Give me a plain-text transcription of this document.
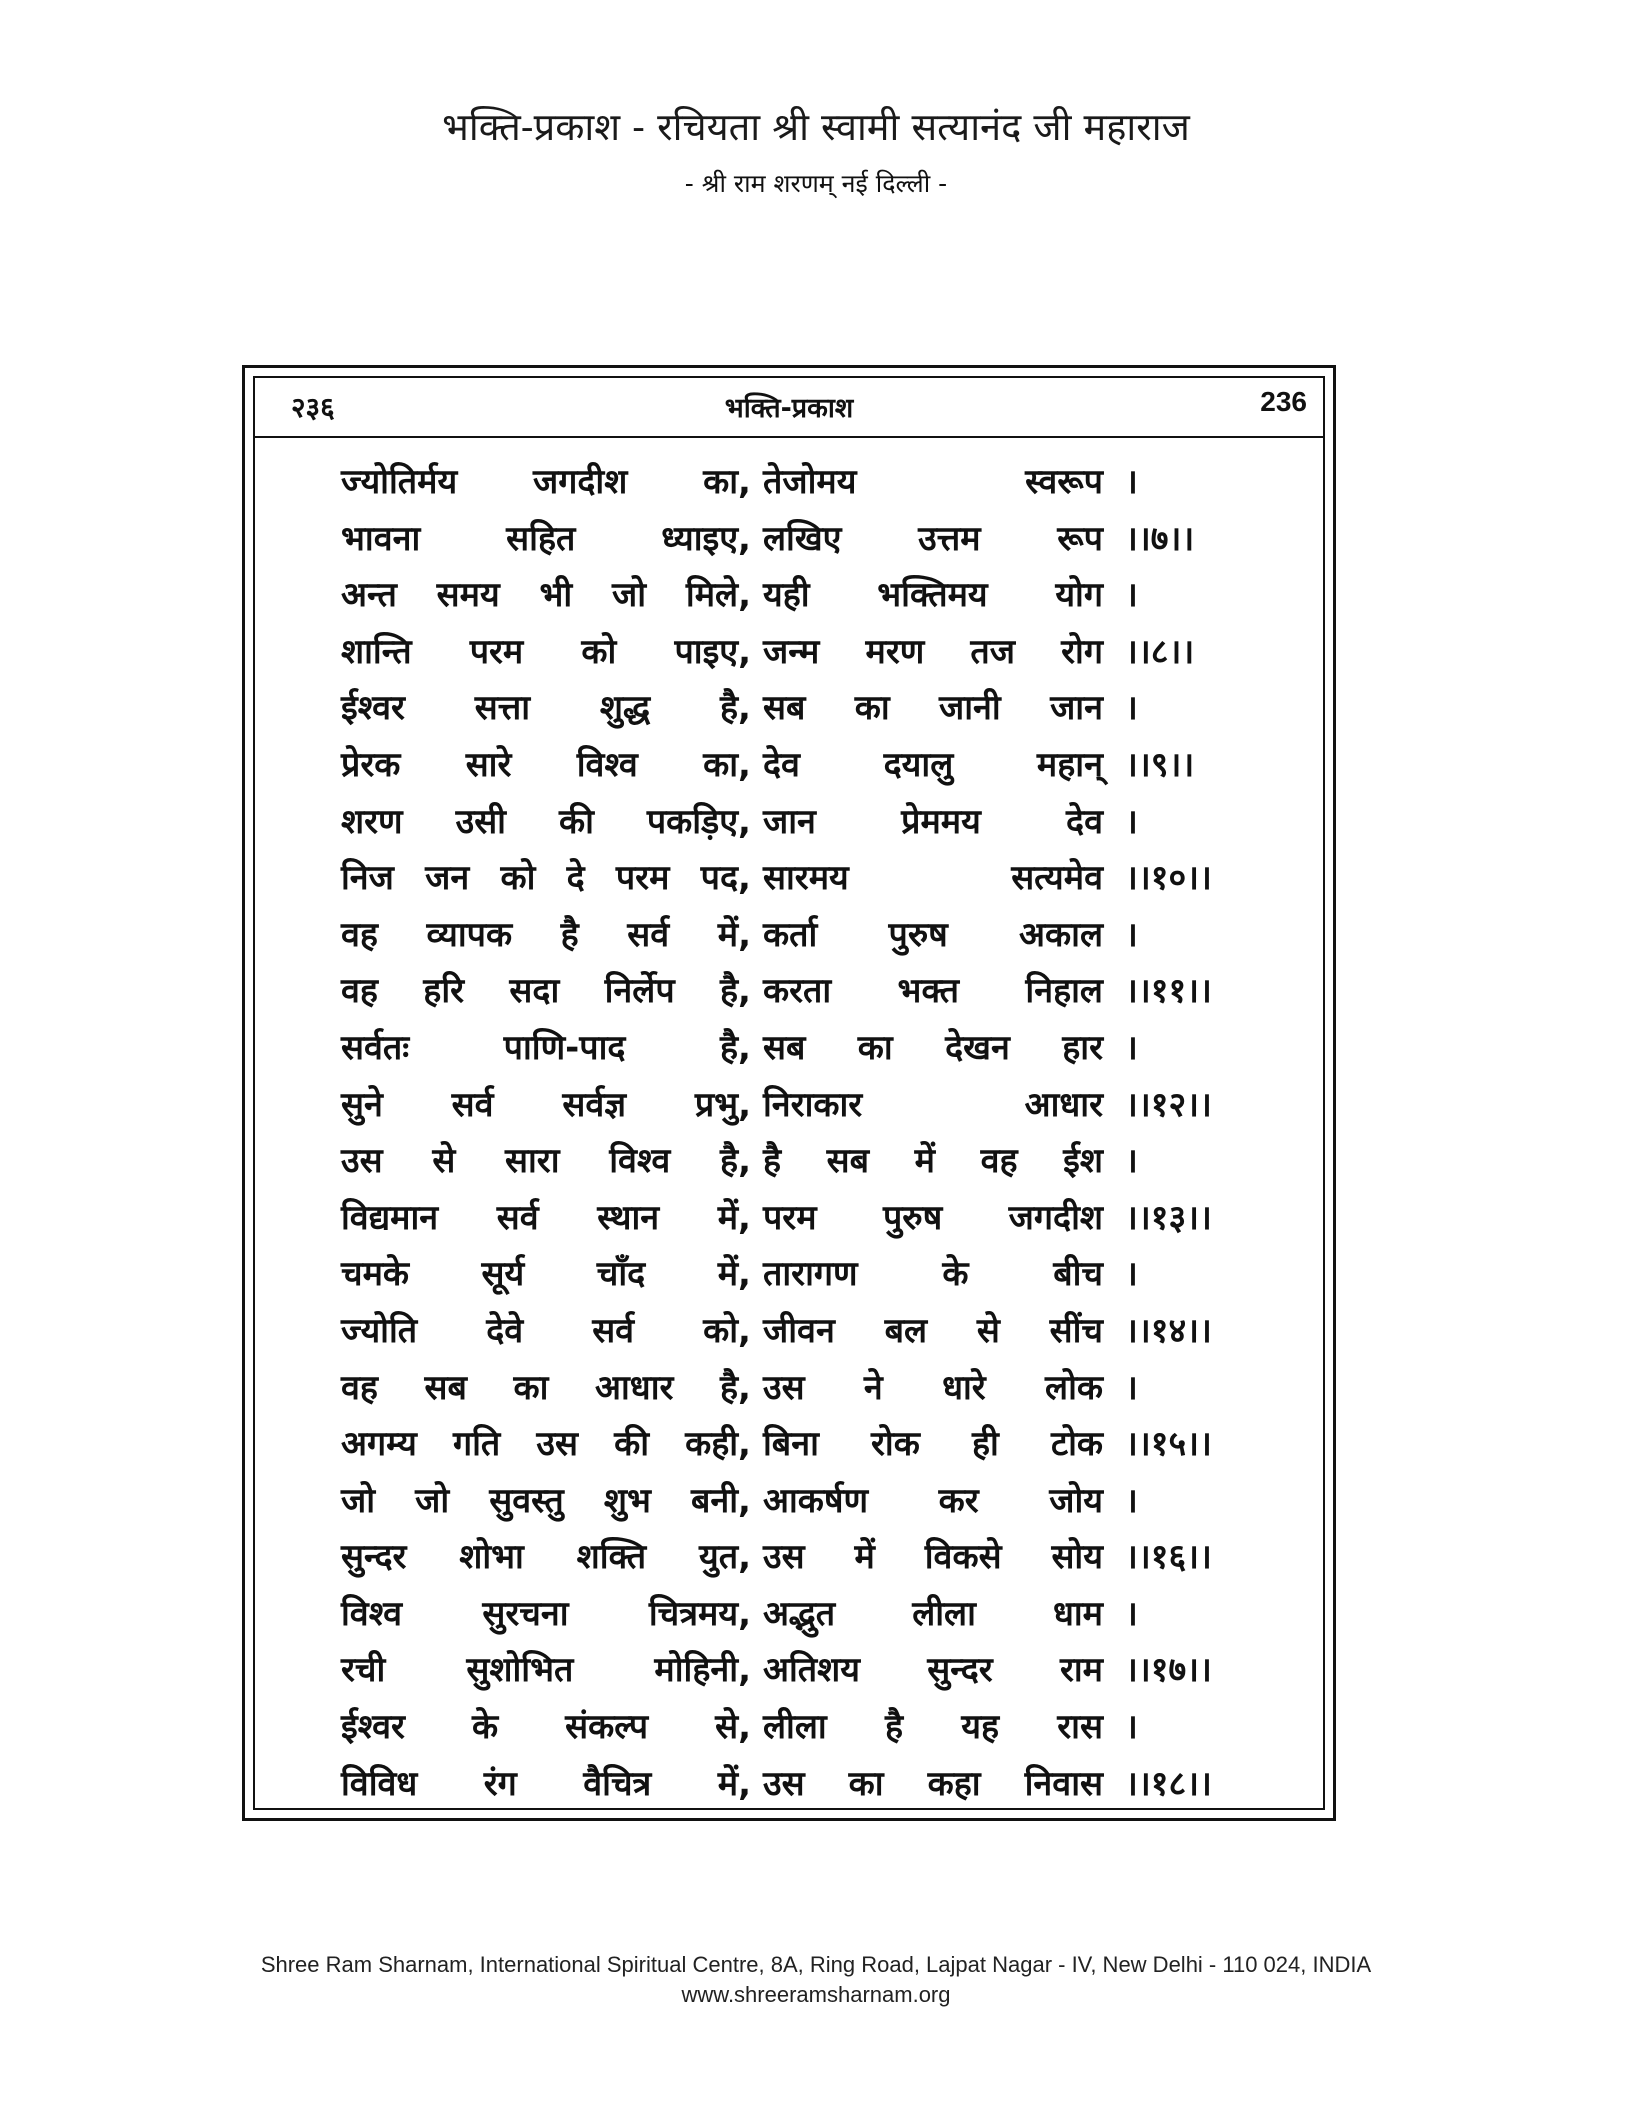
भक्ति-प्रकाश - रचियता श्री स्वामी सत्यानंद जी महाराज
- श्री राम शरणम् नई दिल्ली -
२३६	भक्ति-प्रकाश	236
ज्योतिर्मय जगदीश का, तेजोमय	स्वरूप ।
भावना	सहित	ध्याइए, लखिए उत्तम रूप ।।७।।
अन्त समय भी जो मिले, यही भक्तिमय योग ।
शान्ति परम को पाइए, जन्म मरण तज रोग ।।८।।
ईश्वर सत्ता शुद्ध है, सब का जानी जान ।
प्रेरक सारे विश्व का, देव दयालु महान् ।।९।।
शरण उसी की पकड़िए, जान	प्रेममय	देव ।
निज जन को दे परम पद, सारमय	सत्यमेव ।।१०।।
वह व्यापक है सर्व में, कर्ता पुरुष अकाल ।
वह हरि सदा निर्लेप है, करता भक्त निहाल ।।११।।
सर्वतः	पाणि-पाद	है, सब का देखन हार ।
सुने सर्व सर्वज्ञ प्रभु, निराकार	आधार ।।१२।।
उस से सारा विश्व है, है सब में वह ईश ।
विद्यमान सर्व स्थान में, परम पुरुष जगदीश ।।१३।।
चमके सूर्य चाँद में, तारागण के बीच ।
ज्योति देवे सर्व को, जीवन बल से सींच ।।१४।।
वह सब का आधार है, उस ने धारे लोक ।
अगम्य गति उस की कही, बिना रोक ही टोक ।।१५।।
जो जो सुवस्तु शुभ बनी, आकर्षण कर जोय ।
सुन्दर शोभा शक्ति युत, उस में विकसे सोय ।।१६।।
विश्व सुरचना चित्रमय, अद्भुत लीला धाम ।
रची सुशोभित मोहिनी, अतिशय सुन्दर राम ।।१७।।
ईश्वर के संकल्प से, लीला है यह रास ।
विविध रंग वैचित्र में, उस का कहा निवास ।।१८।।
Shree Ram Sharnam, International Spiritual Centre, 8A, Ring Road, Lajpat Nagar - IV, New Delhi - 110 024, INDIA
www.shreeramsharnam.org
